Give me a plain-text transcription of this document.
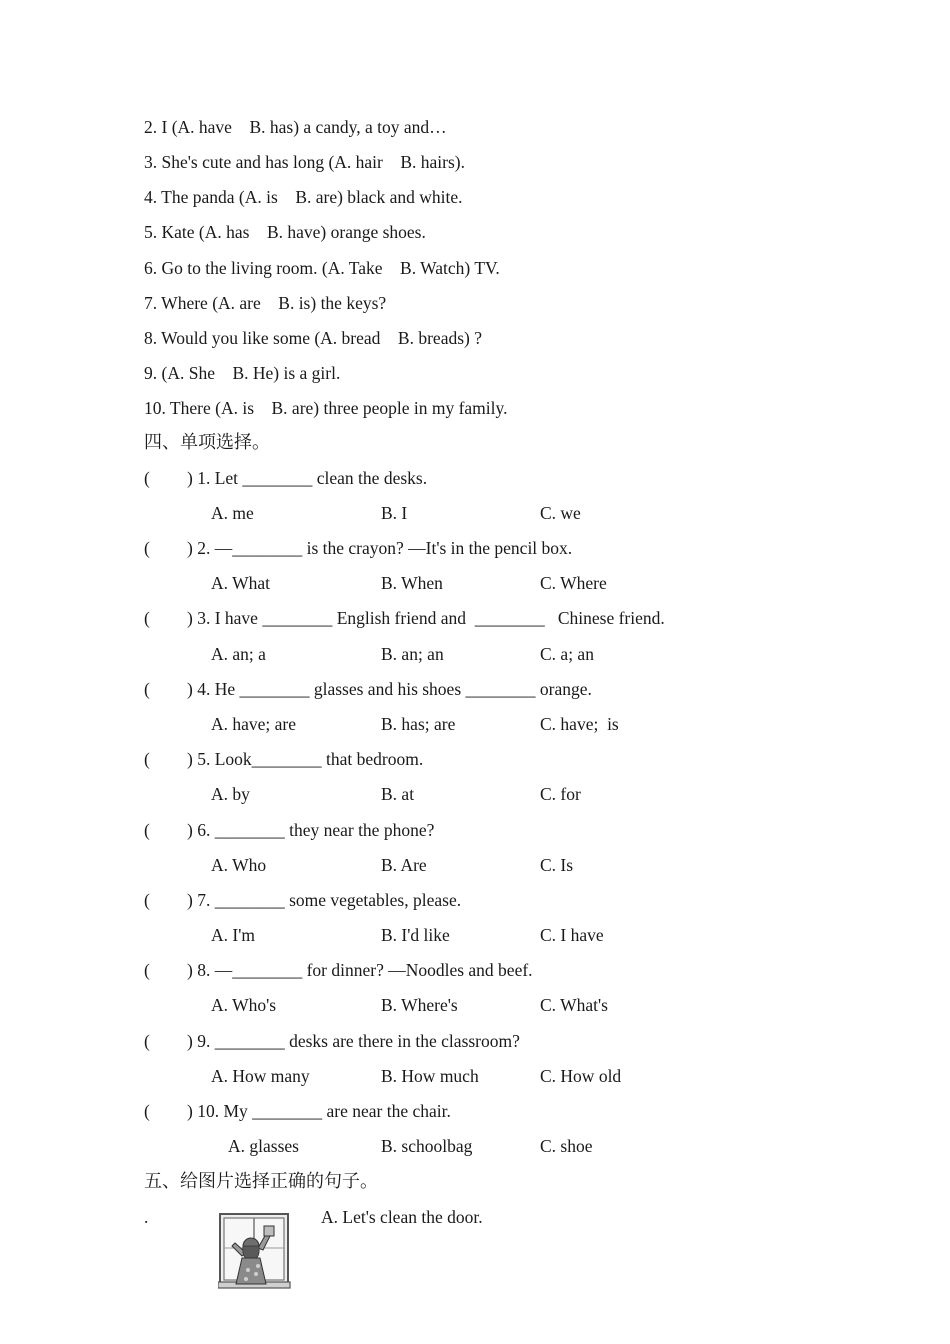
2. I (A. have    B. has) a candy, a toy and…
3. She's cute and has long (A. hair    B. hairs).
4. The panda (A. is    B. are) black and white.
5. Kate (A. has    B. have) orange shoes.
6. Go to the living room. (A. Take    B. Watch) TV.
7. Where (A. are    B. is) the keys?
8. Would you like some (A. bread    B. breads) ?
9. (A. She    B. He) is a girl.
10. There (A. is    B. are) three people in my family.
四、单项选择。
( ) 1. Let ________ clean the desks.
A. me	B. I	C. we
( ) 2. —________ is the crayon? —It's in the pencil box.
A. What	B. When	C. Where
( ) 3. I have ________ English friend and  ________   Chinese friend.
A. an; a	B. an; an	C. a; an
( ) 4. He ________ glasses and his shoes ________ orange.
A. have; are	B. has; are	C. have;  is
( ) 5. Look________ that bedroom.
A. by	B. at	C. for
( ) 6. ________ they near the phone?
A. Who	B. Are	C. Is
( ) 7. ________ some vegetables, please.
A. I'm	B. I'd like	C. I have
( ) 8. —________ for dinner? —Noodles and beef.
A. Who's	B. Where's	C. What's
( ) 9. ________ desks are there in the classroom?
A. How many	B. How much	C. How old
( ) 10. My ________ are near the chair.
A. glasses	B. schoolbag	C. shoe
五、给图片选择正确的句子。
.	A. Let's clean the door.
